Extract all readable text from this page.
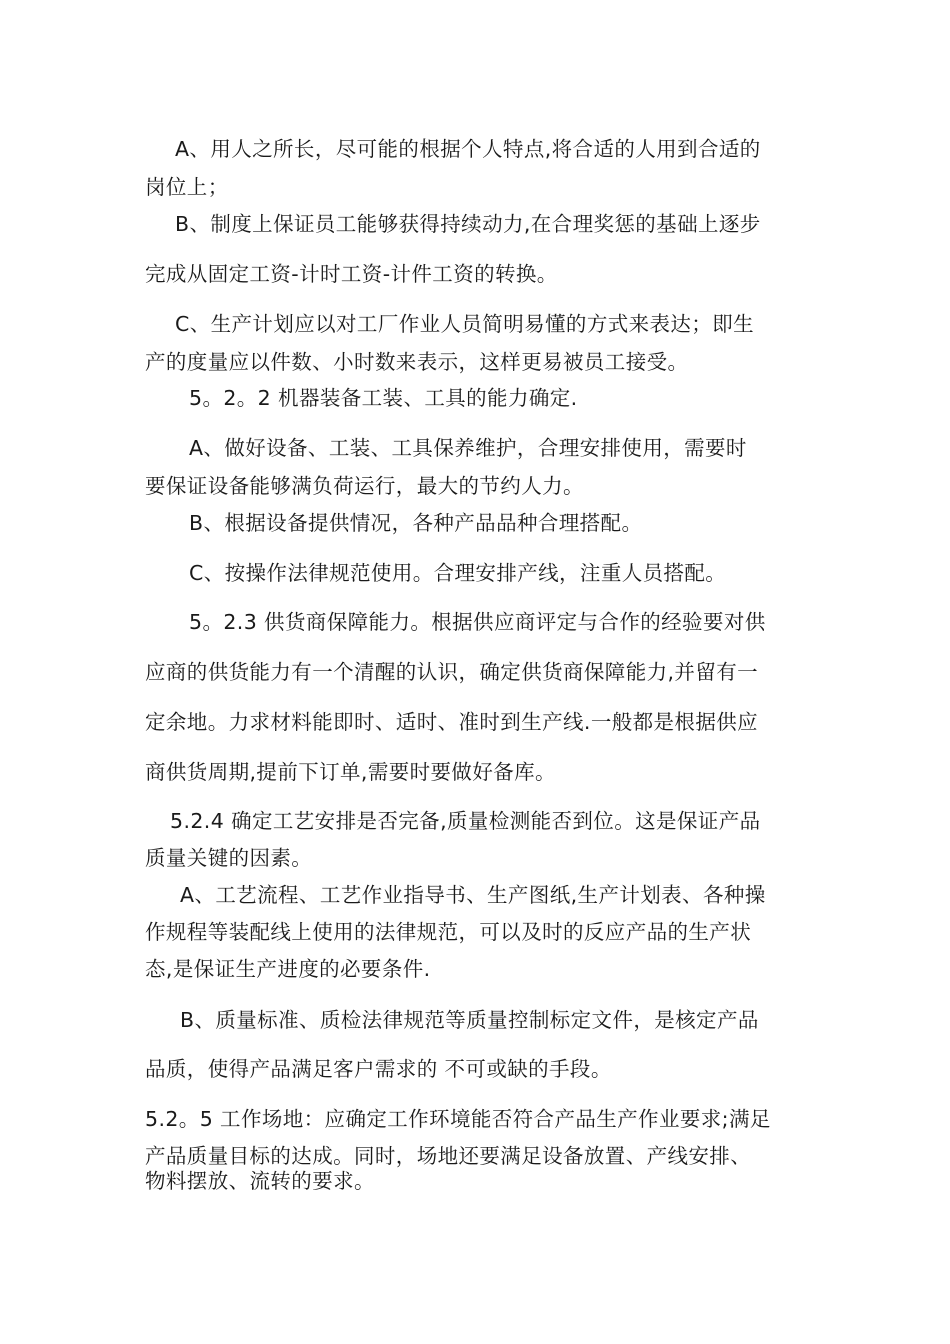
A、用人之所长，尽可能的根据个人特点,将合适的人用到合适的
岗位上；
B、制度上保证员工能够获得持续动力,在合理奖惩的基础上逐步
完成从固定工资-计时工资-计件工资的转换。
C、生产计划应以对工厂作业人员简明易懂的方式来表达；即生
产的度量应以件数、小时数来表示，这样更易被员工接受。
5。2。2 机器装备工装、工具的能力确定.
A、做好设备、工装、工具保养维护，合理安排使用，需要时
要保证设备能够满负荷运行，最大的节约人力。
B、根据设备提供情况，各种产品品种合理搭配。
C、按操作法律规范使用。合理安排产线，注重人员搭配。
5。2.3 供货商保障能力。根据供应商评定与合作的经验要对供
应商的供货能力有一个清醒的认识，确定供货商保障能力,并留有一
定余地。力求材料能即时、适时、准时到生产线.一般都是根据供应
商供货周期,提前下订单,需要时要做好备库。
5.2.4 确定工艺安排是否完备,质量检测能否到位。这是保证产品
质量关键的因素。
A、工艺流程、工艺作业指导书、生产图纸,生产计划表、各种操
作规程等装配线上使用的法律规范，可以及时的反应产品的生产状
态,是保证生产进度的必要条件.
B、质量标准、质检法律规范等质量控制标定文件，是核定产品
品质，使得产品满足客户需求的 不可或缺的手段。
5.2。5 工作场地：应确定工作环境能否符合产品生产作业要求;满足
产品质量目标的达成。同时，场地还要满足设备放置、产线安排、
物料摆放、流转的要求。
